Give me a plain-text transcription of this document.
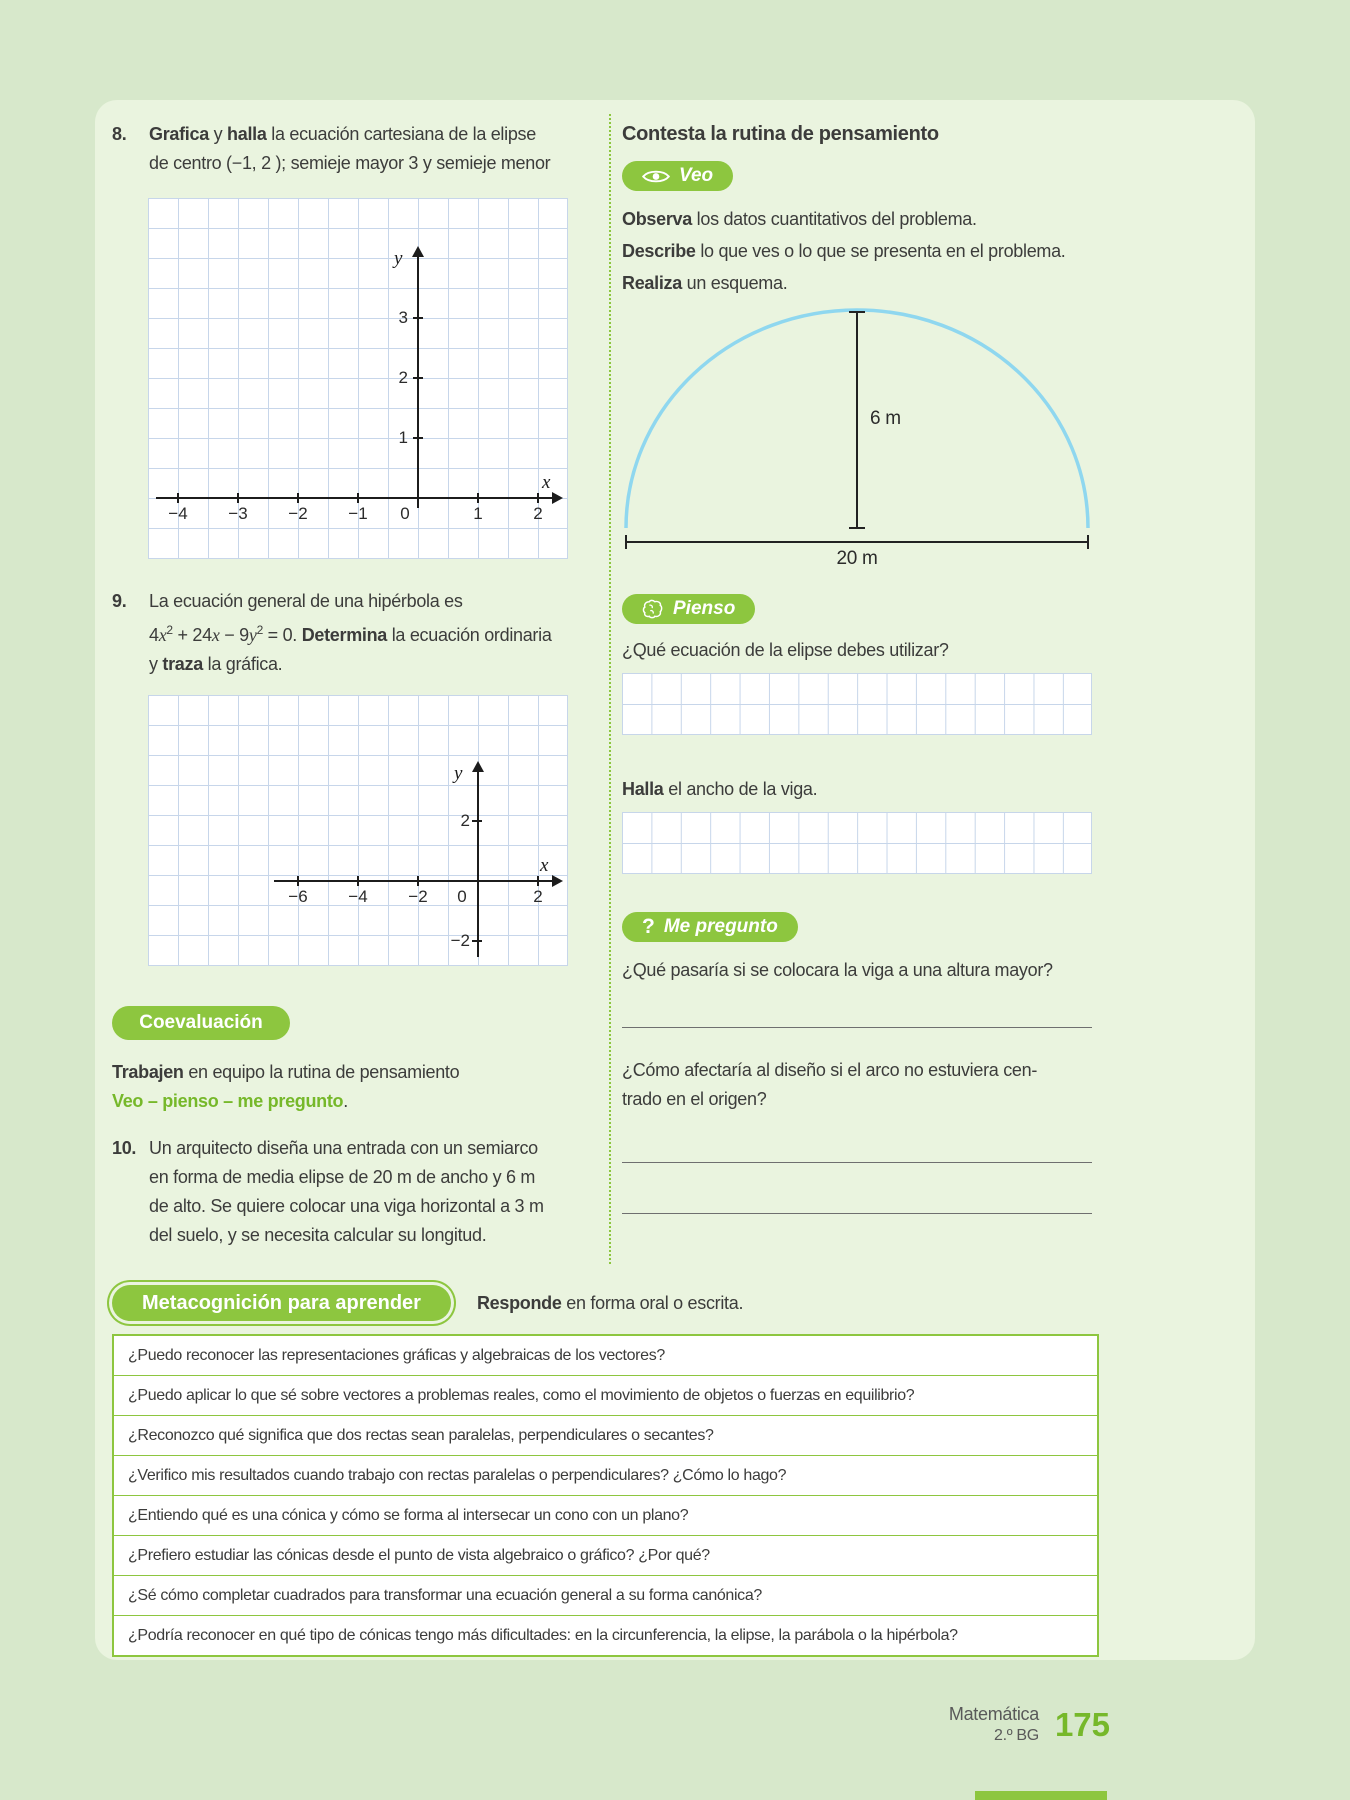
8.	Grafica y halla la ecuación cartesiana de la elipse
de centro (−1, 2 ); semieje mayor 3 y semieje menor
y
x
3
2
1
−4	−3	−2	−1	0	1	2
9.	La ecuación general de una hipérbola es
$4x^2 + 24x - 9y^2 = 0$. Determina la ecuación ordinaria
y traza la gráfica.
y
x
2
−2
−6	−4	−2	0	2
Coevaluación
Trabajen en equipo la rutina de pensamiento
Veo – pienso – me pregunto.
10. Un arquitecto diseña una entrada con un semiarco
en forma de media elipse de 20 m de ancho y 6 m
de alto. Se quiere colocar una viga horizontal a 3 m
del suelo, y se necesita calcular su longitud.
Contesta la rutina de pensamiento
Veo
Observa los datos cuantitativos del problema.
Describe lo que ves o lo que se presenta en el problema.
Realiza un esquema.
6 m
20 m
Pienso
¿Qué ecuación de la elipse debes utilizar?
Halla el ancho de la viga.
? Me pregunto
¿Qué pasaría si se colocara la viga a una altura mayor?
¿Cómo afectaría al diseño si el arco no estuviera cen-
trado en el origen?
Metacognición para aprender	Responde en forma oral o escrita.
¿Puedo reconocer las representaciones gráficas y algebraicas de los vectores?
¿Puedo aplicar lo que sé sobre vectores a problemas reales, como el movimiento de objetos o fuerzas en equilibrio?
¿Reconozco qué significa que dos rectas sean paralelas, perpendiculares o secantes?
¿Verifico mis resultados cuando trabajo con rectas paralelas o perpendiculares? ¿Cómo lo hago?
¿Entiendo qué es una cónica y cómo se forma al intersecar un cono con un plano?
¿Prefiero estudiar las cónicas desde el punto de vista algebraico o gráfico? ¿Por qué?
¿Sé cómo completar cuadrados para transformar una ecuación general a su forma canónica?
¿Podría reconocer en qué tipo de cónicas tengo más dificultades: en la circunferencia, la elipse, la parábola o la hipérbola?
Matemática
2.º BG 175
